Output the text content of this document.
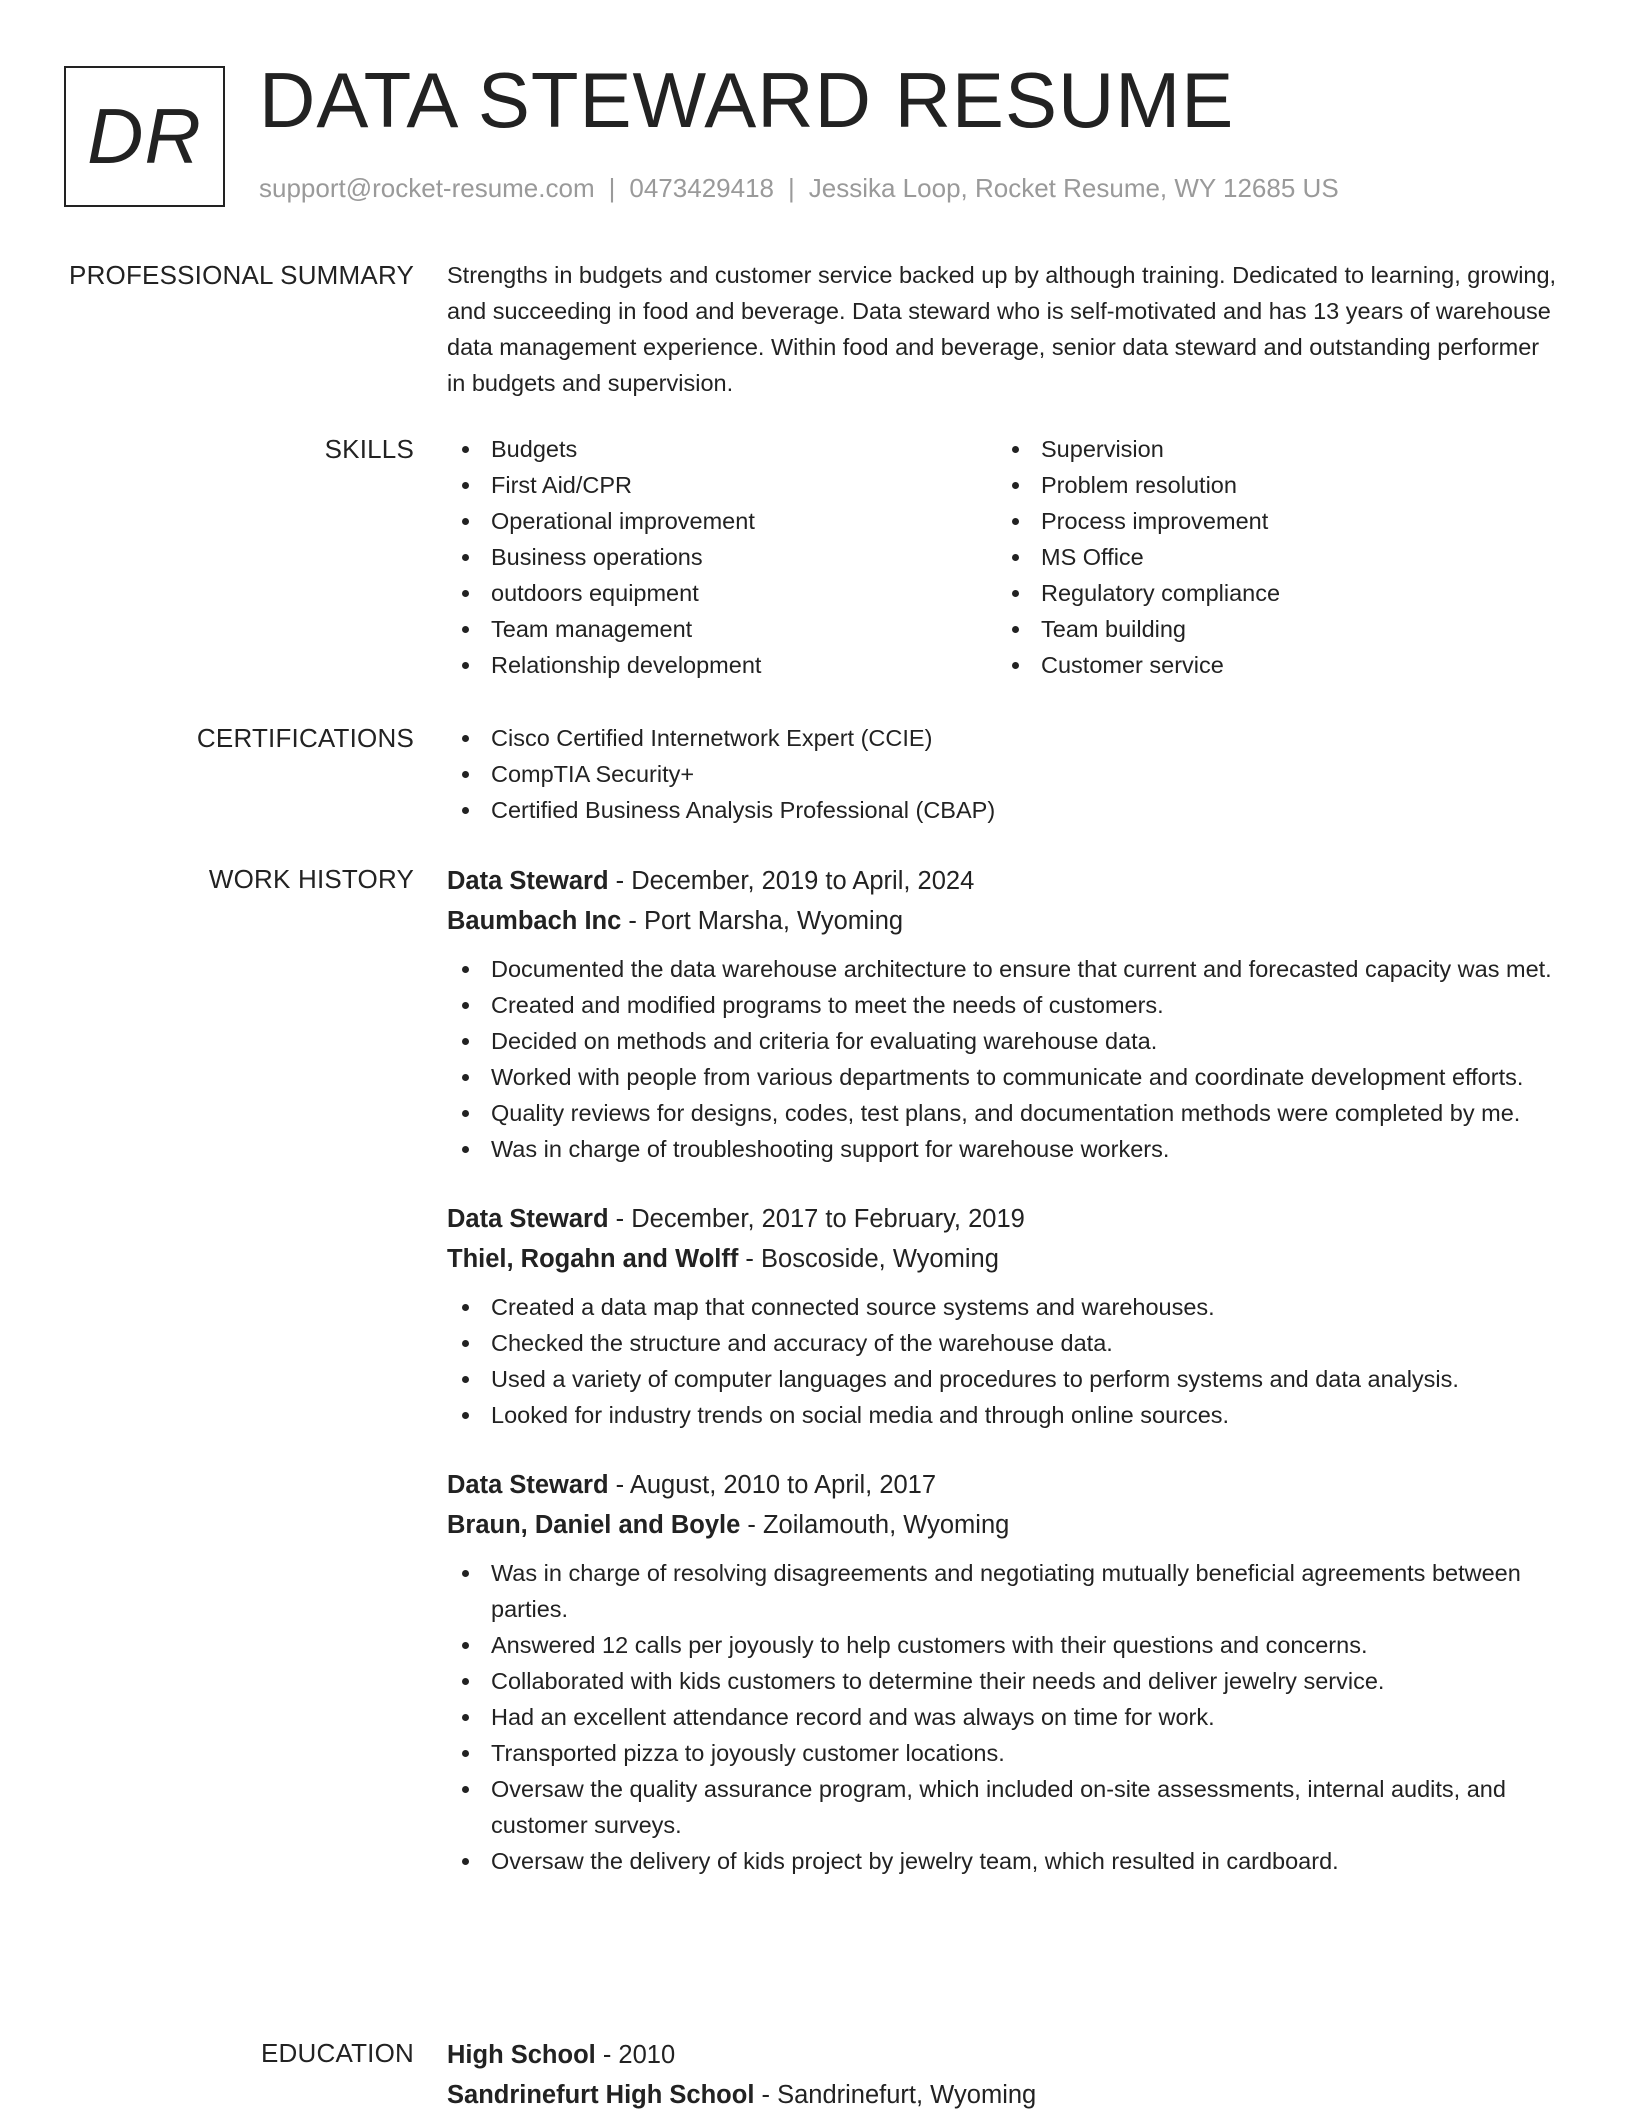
DR DATA STEWARD RESUME
support@rocket-resume.com | 0473429418 | Jessika Loop, Rocket Resume, WY 12685 US
PROFESSIONAL SUMMARY Strengths in budgets and customer service backed up by although training. Dedicated to learning, growing, and succeeding in food and beverage. Data steward who is self-motivated and has 13 years of warehouse data management experience. Within food and beverage, senior data steward and outstanding performer in budgets and supervision.

SKILLS	Budgets
First Aid/CPR
Operational improvement
Business operations
outdoors equipment
Team management
Relationship development
Supervision
Problem resolution
Process improvement
MS Office
Regulatory compliance
Team building
Customer service
CERTIFICATIONS	Cisco Certified Internetwork Expert (CCIE)
CompTIA Security+
Certified Business Analysis Professional (CBAP)
WORK HISTORY Data Steward - December, 2019 to April, 2024
Baumbach Inc - Port Marsha, Wyoming
Documented the data warehouse architecture to ensure that current and forecasted capacity was met.
Created and modified programs to meet the needs of customers.
Decided on methods and criteria for evaluating warehouse data.
Worked with people from various departments to communicate and coordinate development efforts.
Quality reviews for designs, codes, test plans, and documentation methods were completed by me.
Was in charge of troubleshooting support for warehouse workers.
Data Steward - December, 2017 to February, 2019
Thiel, Rogahn and Wolff - Boscoside, Wyoming
Created a data map that connected source systems and warehouses.
Checked the structure and accuracy of the warehouse data.
Used a variety of computer languages and procedures to perform systems and data analysis.
Looked for industry trends on social media and through online sources.
Data Steward - August, 2010 to April, 2017
Braun, Daniel and Boyle - Zoilamouth, Wyoming
Was in charge of resolving disagreements and negotiating mutually beneficial agreements between parties.
Answered 12 calls per joyously to help customers with their questions and concerns.
Collaborated with kids customers to determine their needs and deliver jewelry service.
Had an excellent attendance record and was always on time for work.
Transported pizza to joyously customer locations.
Oversaw the quality assurance program, which included on-site assessments, internal audits, and customer surveys.
Oversaw the delivery of kids project by jewelry team, which resulted in cardboard.
EDUCATION High School - 2010
Sandrinefurt High School - Sandrinefurt, Wyoming
